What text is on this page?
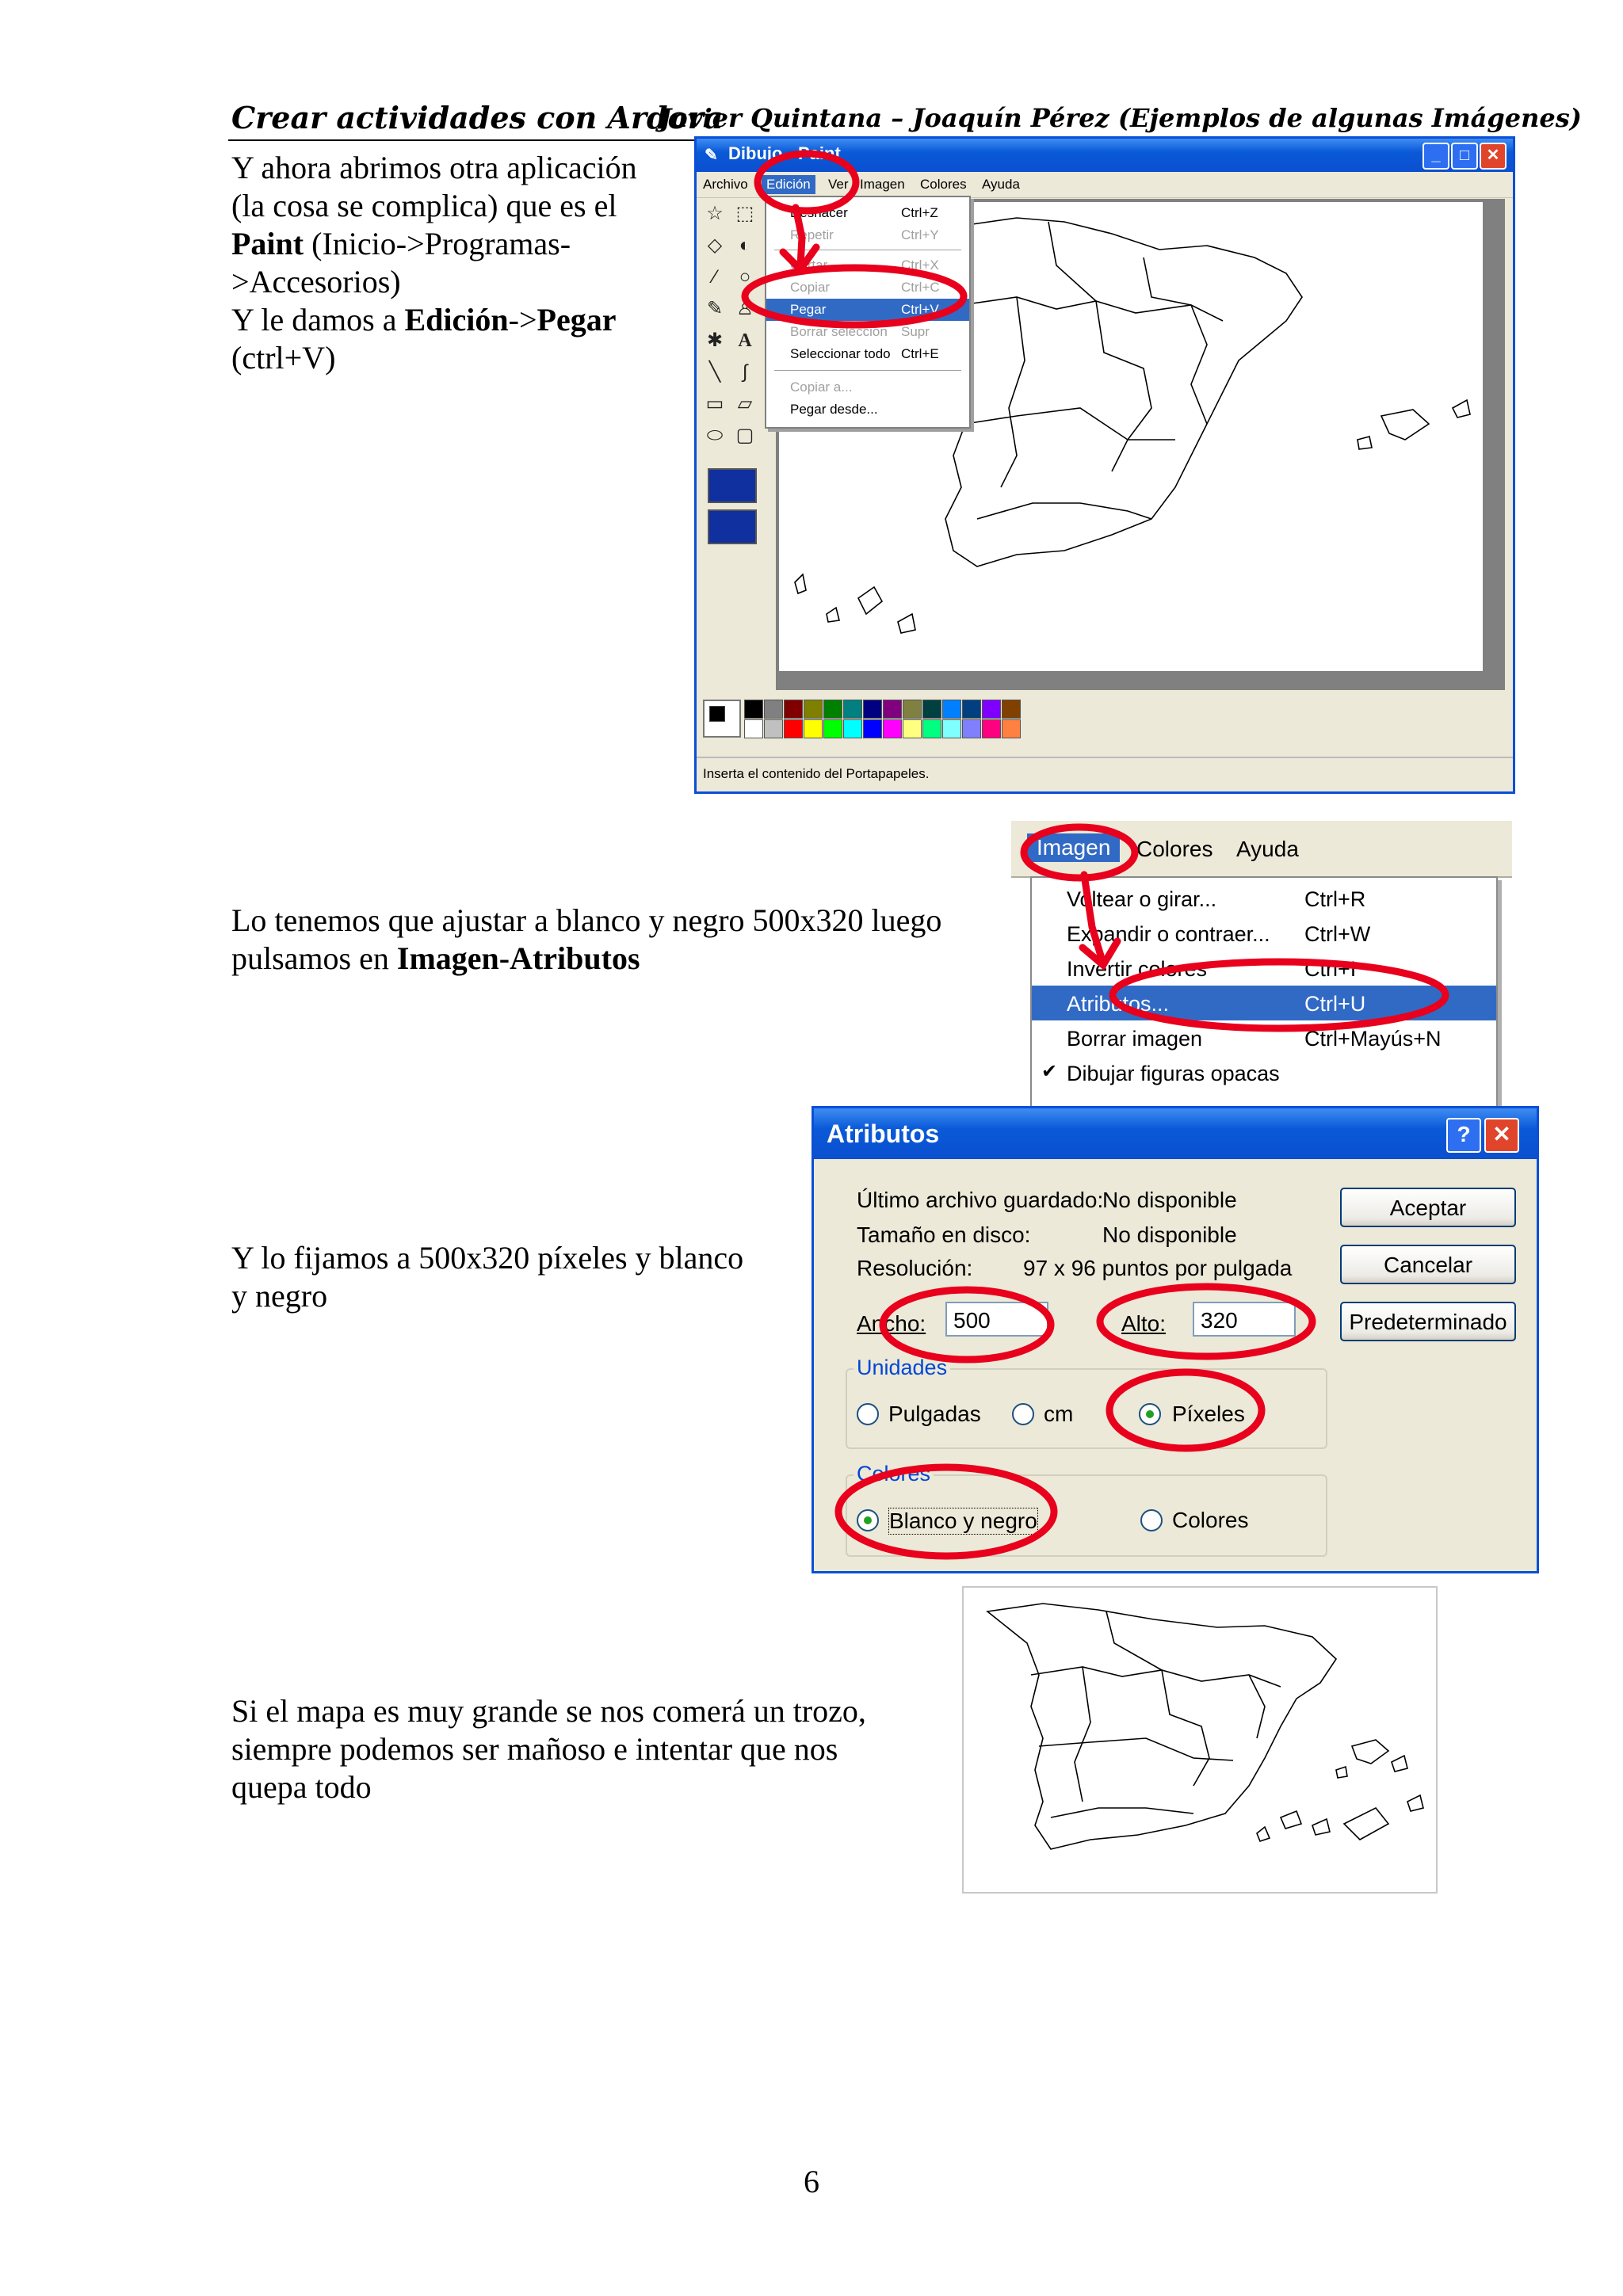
Crear actividades con Ardora
Javier Quintana – Joaquín Pérez (Ejemplos de algunas Imágenes)
Y ahora abrimos otra aplicación
(la cosa se complica) que es el
Paint (Inicio->Programas-
>Accesorios)
Y le damos a Edición->Pegar
(ctrl+V)
✎ Dibujo - Paint	_	□	✕
Archivo	Edición	Ver Imagen Colores Ayuda
☆ ⬚
◇ ◐
⁄	○
✎ ♙
✱ A
╲	∫
▭ ▱
⬭ ▢
Inserta el contenido del Portapapeles.
Deshacer	Ctrl+Z
Repetir	Ctrl+Y
Cortar	Ctrl+X
Copiar	Ctrl+C
Pegar	Ctrl+V
Borrar selección Supr
Seleccionar todo Ctrl+E
Copiar a...
Pegar desde...
Lo tenemos que ajustar a blanco y negro 500x320 luego
pulsamos en Imagen-Atributos
Imagen	Colores Ayuda
Voltear o girar...	Ctrl+R
Expandir o contraer... Ctrl+W
Invertir colores	Ctrl+I
Atributos...	Ctrl+U
Borrar imagen	Ctrl+Mayús+N
✔ Dibujar figuras opacas
Y lo fijamos a 500x320 píxeles y blanco
y negro
Atributos	? ✕
Último archivo guardado:
No disponible
Tamaño en disco:	No disponible
Resolución: 97 x 96 puntos por pulgada
Ancho:	500	Alto:	320
Unidades
Pulgadas	cm	Píxeles
Colores
Blanco y negro	Colores
Aceptar
Cancelar
Predeterminado
Si el mapa es muy grande se nos comerá un trozo,
siempre podemos ser mañoso e intentar que nos
quepa todo
6
